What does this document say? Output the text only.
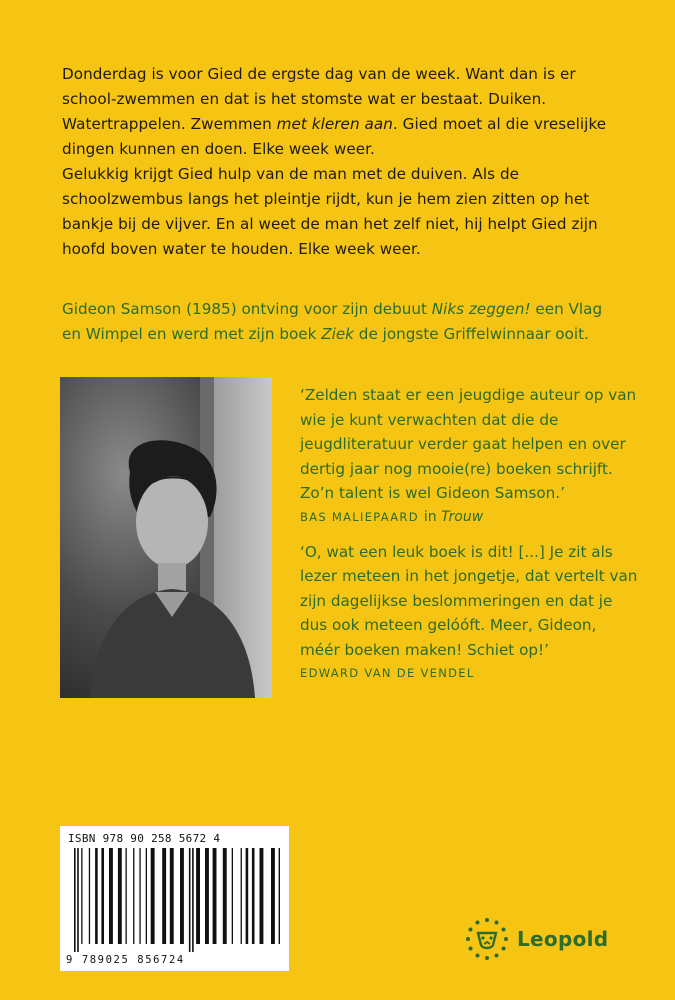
Donderdag is voor Gied de ergste dag van de week. Want dan is er school-zwemmen en dat is het stomste wat er bestaat. Duiken. Watertrappelen. Zwemmen met kleren aan. Gied moet al die vreselijke dingen kunnen en doen. Elke week weer.

Gelukkig krijgt Gied hulp van de man met de duiven. Als de schoolzwembus langs het pleintje rijdt, kun je hem zien zitten op het bankje bij de vijver. En al weet de man het zelf niet, hij helpt Gied zijn hoofd boven water te houden. Elke week weer.

Gideon Samson (1985) ontving voor zijn debuut Niks zeggen! een Vlag en Wimpel en werd met zijn boek Ziek de jongste Griffelwinnaar ooit.

‘Zelden staat er een jeugdige auteur op van wie je kunt verwachten dat die de jeugdliteratuur verder gaat helpen en over dertig jaar nog mooie(re) boeken schrijft. Zo’n talent is wel Gideon Samson.’

BAS MALIEPAARD in Trouw

‘O, wat een leuk boek is dit! [...] Je zit als lezer meteen in het jongetje, dat vertelt van zijn dagelijkse beslommeringen en dat je dus ook meteen gelóóft. Meer, Gideon, méér boeken maken! Schiet op!’

EDWARD VAN DE VENDEL
ISBN 978 90 258 5672 4
9 789025 856724
Leopold
